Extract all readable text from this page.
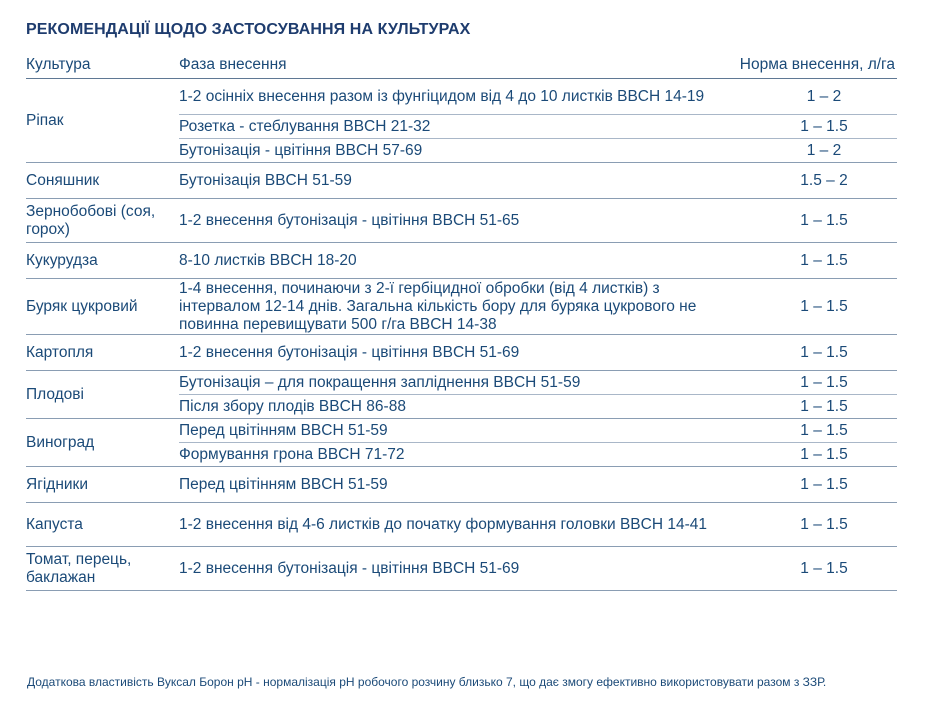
РЕКОМЕНДАЦІЇ ЩОДО ЗАСТОСУВАННЯ НА КУЛЬТУРАХ
Культура	Фаза внесення	Норма внесення, л/га
Ріпак	1-2 осінніх внесення разом із фунгіцидом від 4 до 10 листків BBCH 14-19	1 – 2
	Розетка - стеблування BBCH 21-32	1 – 1.5
	Бутонізація - цвітіння BBCH 57-69	1 – 2
Соняшник	Бутонізація BBCH 51-59	1.5 – 2
Зернобобові (соя, горох)	1-2 внесення бутонізація - цвітіння BBCH 51-65	1 – 1.5
Кукурудза	8-10 листків BBCH 18-20	1 – 1.5
Буряк цукровий	1-4 внесення, починаючи з 2-ї гербіцидної обробки (від 4 листків) з інтервалом 12-14 днів. Загальна кількість бору для буряка цукрового не повинна перевищувати 500 г/га BBCH 14-38	1 – 1.5
Картопля	1-2 внесення бутонізація - цвітіння BBCH 51-69	1 – 1.5
Плодові	Бутонізація – для покращення запліднення BBCH 51-59	1 – 1.5
	Після збору плодів BBCH 86-88	1 – 1.5
Виноград	Перед цвітінням BBCH 51-59	1 – 1.5
	Формування грона BBCH 71-72	1 – 1.5
Ягідники	Перед цвітінням BBCH 51-59	1 – 1.5
Капуста	1-2 внесення від 4-6 листків до початку формування головки BBCH 14-41	1 – 1.5
Томат, перець, баклажан	1-2 внесення бутонізація - цвітіння BBCH 51-69	1 – 1.5
Додаткова властивість Вуксал Борон pH - нормалізація pH робочого розчину близько 7, що дає змогу ефективно використовувати разом з ЗЗР.
